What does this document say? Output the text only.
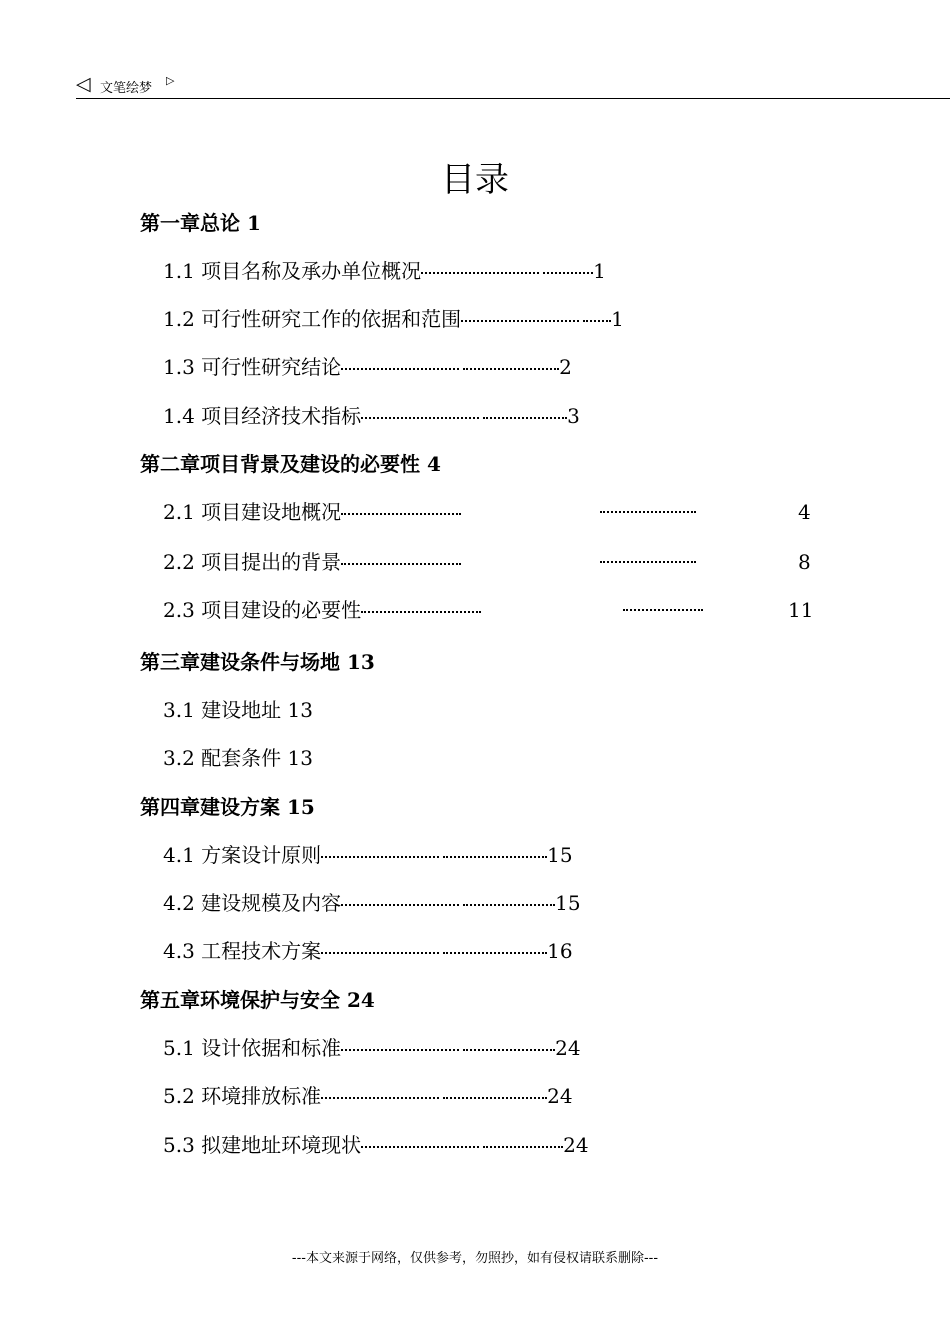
◁ 文笔绘梦
▷
目录
第一章总论 1
1.1 项目名称及承办单位概况	1
1.2 可行性研究工作的依据和范围	1
1.3 可行性研究结论	2
1.4 项目经济技术指标	3
第二章项目背景及建设的必要性 4
2.1 项目建设地概况	4
2.2 项目提出的背景	8
2.3 项目建设的必要性	11
第三章建设条件与场地 13
3.1 建设地址 13
3.2 配套条件 13
第四章建设方案 15
4.1 方案设计原则	15
4.2 建设规模及内容	15
4.3 工程技术方案	16
第五章环境保护与安全 24
5.1 设计依据和标准	24
5.2 环境排放标准	24
5.3 拟建地址环境现状	24
---本文来源于网络，仅供参考，勿照抄，如有侵权请联系删除---
